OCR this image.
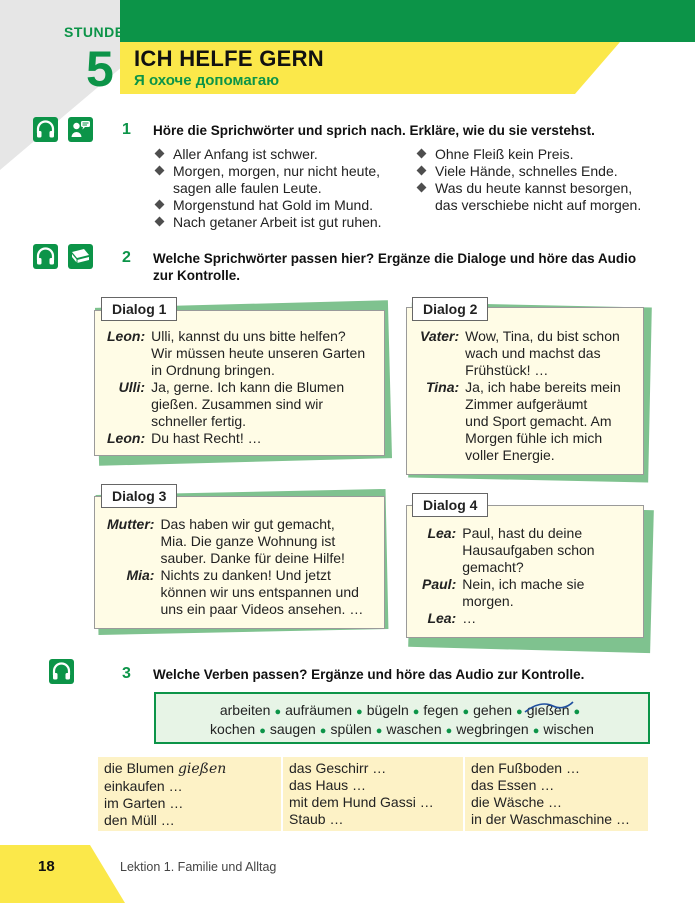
STUNDE
5 ICH HELFE GERN
Я охоче допомагаю
1 Höre die Sprichwörter und sprich nach. Erkläre, wie du sie verstehst.
Aller Anfang ist schwer.
Morgen, morgen, nur nicht heute,
sagen alle faulen Leute.
Morgenstund hat Gold im Mund.
Nach getaner Arbeit ist gut ruhen.
Ohne Fleiß kein Preis.
Viele Hände, schnelles Ende.
Was du heute kannst besorgen,
das verschiebe nicht auf morgen.
2 Welche Sprichwörter passen hier? Ergänze die Dialoge und höre das Audio
zur Kontrolle.
Dialog 1
Leon: Ulli, kannst du uns bitte helfen?
Wir müssen heute unseren Garten
in Ordnung bringen.
Ulli: Ja, gerne. Ich kann die Blumen
gießen. Zusammen sind wir
schneller fertig.
Leon: Du hast Recht! …
Dialog 2
Vater: Wow, Tina, du bist schon
wach und machst das
Frühstück! …
Tina: Ja, ich habe bereits mein
Zimmer aufgeräumt
und Sport gemacht. Am
Morgen fühle ich mich
voller Energie.
Dialog 3
Mutter: Das haben wir gut gemacht,
Mia. Die ganze Wohnung ist
sauber. Danke für deine Hilfe!
Mia: Nichts zu danken! Und jetzt
können wir uns entspannen und
uns ein paar Videos ansehen. …
Dialog 4
Lea: Paul, hast du deine
Hausaufgaben schon
gemacht?
Paul: Nein, ich mache sie
morgen.
Lea: …
3 Welche Verben passen? Ergänze und höre das Audio zur Kontrolle.
arbeiten ● aufräumen ● bügeln ● fegen ● gehen ● gießen ●
kochen ● saugen ● spülen ● waschen ● wegbringen ● wischen
die Blumen gießen
einkaufen …
im Garten …
den Müll …
das Geschirr …
das Haus …
mit dem Hund Gassi …
Staub …
den Fußboden …
das Essen …
die Wäsche …
in der Waschmaschine …
18	Lektion 1. Familie und Alltag
